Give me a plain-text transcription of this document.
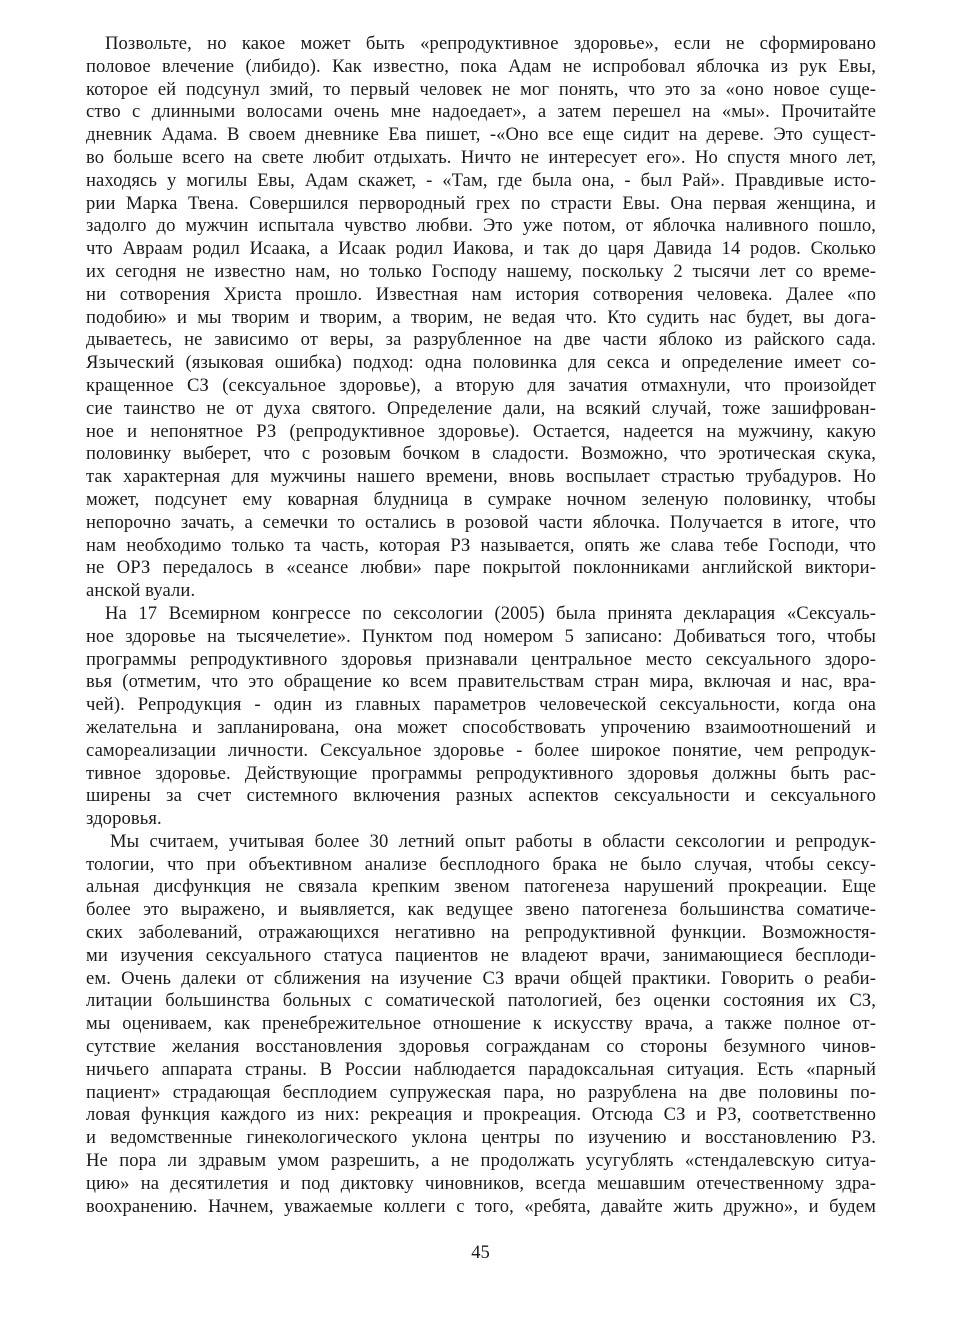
Позвольте, но какое может быть «репродуктивное здоровье», если не сформировано
половое влечение (либидо). Как известно, пока Адам не испробовал яблочка из рук Евы,
которое ей подсунул змий, то первый человек не мог понять, что это за «оно новое суще-
ство с длинными волосами очень мне надоедает», а затем перешел на «мы». Прочитайте
дневник Адама. В своем дневнике Ева пишет, -«Оно все еще сидит на дереве. Это сущест-
во больше всего на свете любит отдыхать. Ничто не интересует его». Но спустя много лет,
находясь у могилы Евы, Адам скажет, - «Там, где была она, - был Рай». Правдивые исто-
рии Марка Твена. Совершился первородный грех по страсти Евы. Она первая женщина, и
задолго до мужчин испытала чувство любви. Это уже потом, от яблочка наливного пошло,
что Авраам родил Исаака, а Исаак родил Иакова, и так до царя Давида 14 родов. Сколько
их сегодня не известно нам, но только Господу нашему, поскольку 2 тысячи лет со време-
ни сотворения Христа прошло. Известная нам история сотворения человека. Далее «по
подобию» и мы творим и творим, а творим, не ведая что. Кто судить нас будет, вы дога-
дываетесь, не зависимо от веры, за разрубленное на две части яблоко из райского сада.
Языческий (языковая ошибка) подход: одна половинка для секса и определение имеет со-
кращенное СЗ (сексуальное здоровье), а вторую для зачатия отмахнули, что произойдет
сие таинство не от духа святого. Определение дали, на всякий случай, тоже зашифрован-
ное и непонятное РЗ (репродуктивное здоровье). Остается, надеется на мужчину, какую
половинку выберет, что с розовым бочком в сладости. Возможно, что эротическая скука,
так характерная для мужчины нашего времени, вновь воспылает страстью трубадуров. Но
может, подсунет ему коварная блудница в сумраке ночном зеленую половинку, чтобы
непорочно зачать, а семечки то остались в розовой части яблочка. Получается в итоге, что
нам необходимо только та часть, которая РЗ называется, опять же слава тебе Господи, что
не ОРЗ передалось в «сеансе любви» паре покрытой поклонниками английской виктори-
анской вуали.
На 17 Всемирном конгрессе по сексологии (2005) была принята декларация «Сексуаль-
ное здоровье на тысячелетие». Пунктом под номером 5 записано: Добиваться того, чтобы
программы репродуктивного здоровья признавали центральное место сексуального здоро-
вья (отметим, что это обращение ко всем правительствам стран мира, включая и нас, вра-
чей). Репродукция - один из главных параметров человеческой сексуальности, когда она
желательна и запланирована, она может способствовать упрочению взаимоотношений и
самореализации личности. Сексуальное здоровье - более широкое понятие, чем репродук-
тивное здоровье. Действующие программы репродуктивного здоровья должны быть рас-
ширены за счет системного включения разных аспектов сексуальности и сексуального
здоровья.
Мы считаем, учитывая более 30 летний опыт работы в области сексологии и репродук-
тологии, что при объективном анализе бесплодного брака не было случая, чтобы сексу-
альная дисфункция не связала крепким звеном патогенеза нарушений прокреации. Еще
более это выражено, и выявляется, как ведущее звено патогенеза большинства соматиче-
ских заболеваний, отражающихся негативно на репродуктивной функции. Возможностя-
ми изучения сексуального статуса пациентов не владеют врачи, занимающиеся бесплоди-
ем. Очень далеки от сближения на изучение СЗ врачи общей практики. Говорить о реаби-
литации большинства больных с соматической патологией, без оценки состояния их СЗ,
мы оцениваем, как пренебрежительное отношение к искусству врача, а также полное от-
сутствие желания восстановления здоровья согражданам со стороны безумного чинов-
ничьего аппарата страны. В России наблюдается парадоксальная ситуация. Есть «парный
пациент» страдающая бесплодием супружеская пара, но разрублена на две половины по-
ловая функция каждого из них: рекреация и прокреация. Отсюда СЗ и РЗ, соответственно
и ведомственные гинекологического уклона центры по изучению и восстановлению РЗ.
Не пора ли здравым умом разрешить, а не продолжать усугублять «стендалевскую ситуа-
цию» на десятилетия и под диктовку чиновников, всегда мешавшим отечественному здра-
воохранению. Начнем, уважаемые коллеги с того, «ребята, давайте жить дружно», и будем
45
